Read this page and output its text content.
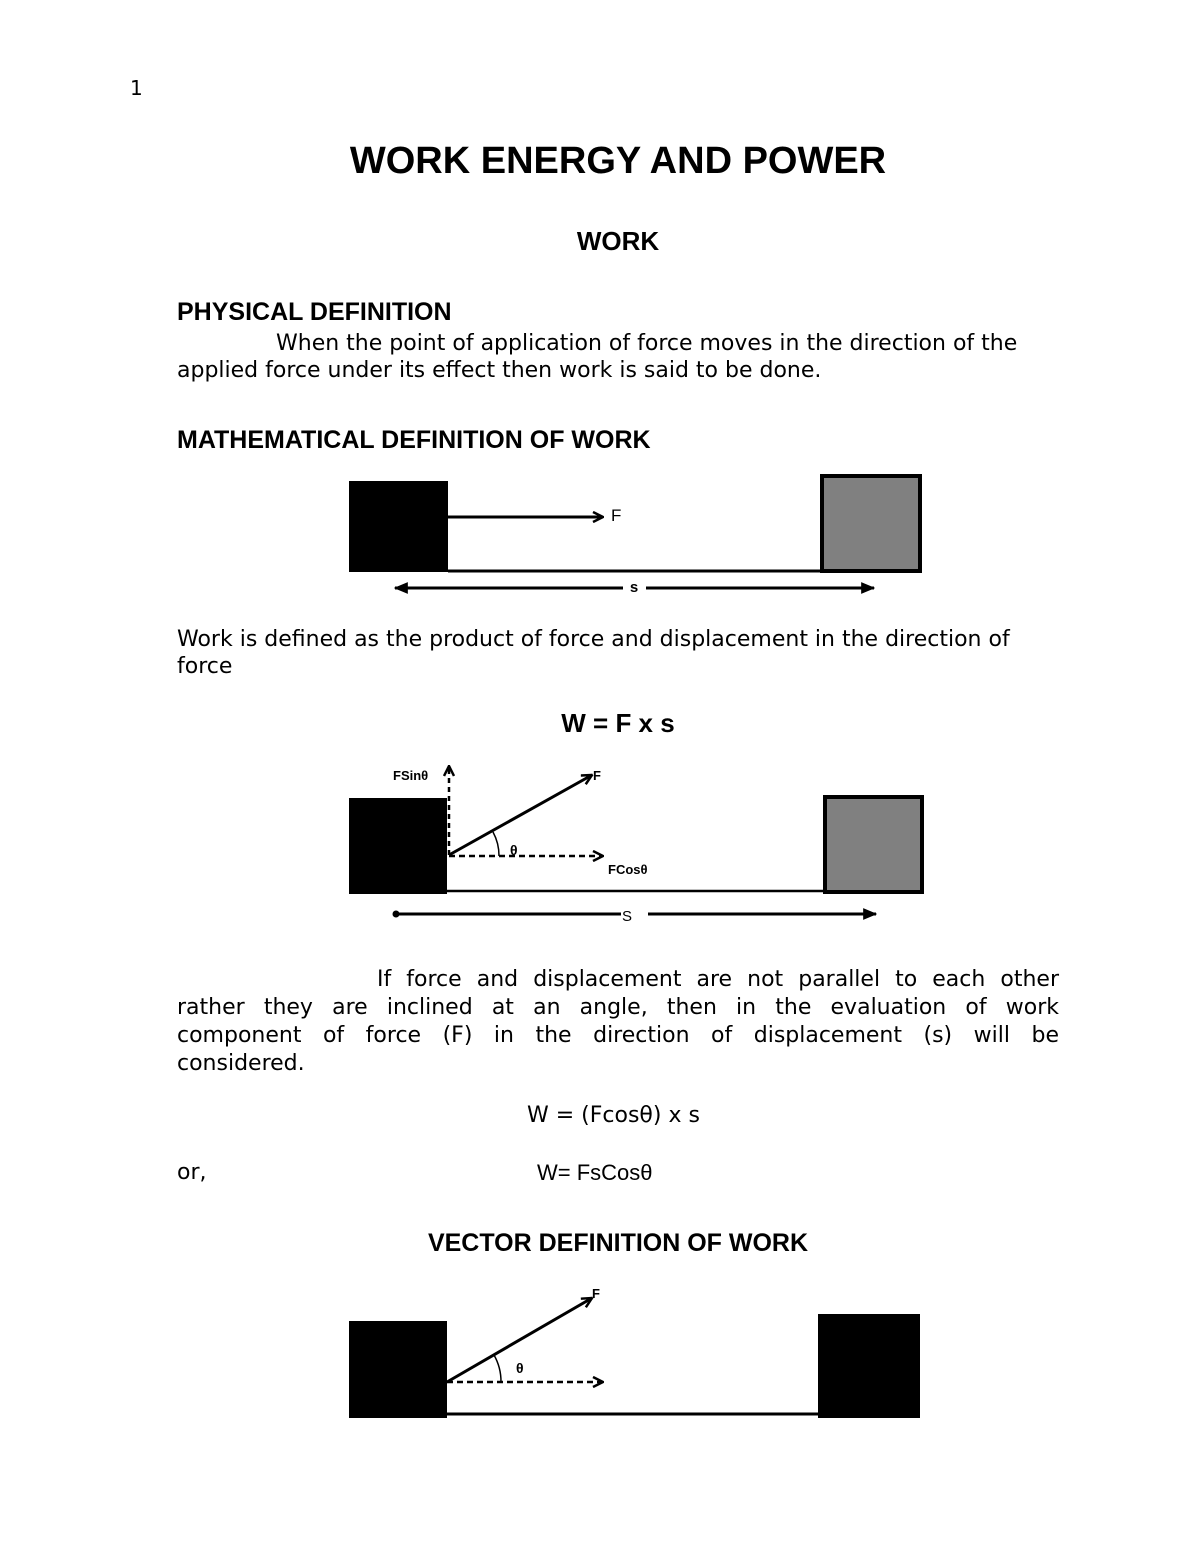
1
WORK ENERGY AND POWER
WORK
PHYSICAL DEFINITION
When the point of application of force moves in the direction of the
applied force under its effect then work is said to be done.
MATHEMATICAL DEFINITION OF WORK
F
s
FSinθ	F
θ
FCosθ
S
F
θ
Work is defined as the product of force and displacement in the direction of
force
W = F x s
If force and displacement are not parallel to each other
rather they are inclined at an angle, then in the evaluation of work
component of force (F) in the direction of displacement (s) will be
considered.
W = (Fcosθ) x s
or,	W= FsCosθ
VECTOR DEFINITION OF WORK
